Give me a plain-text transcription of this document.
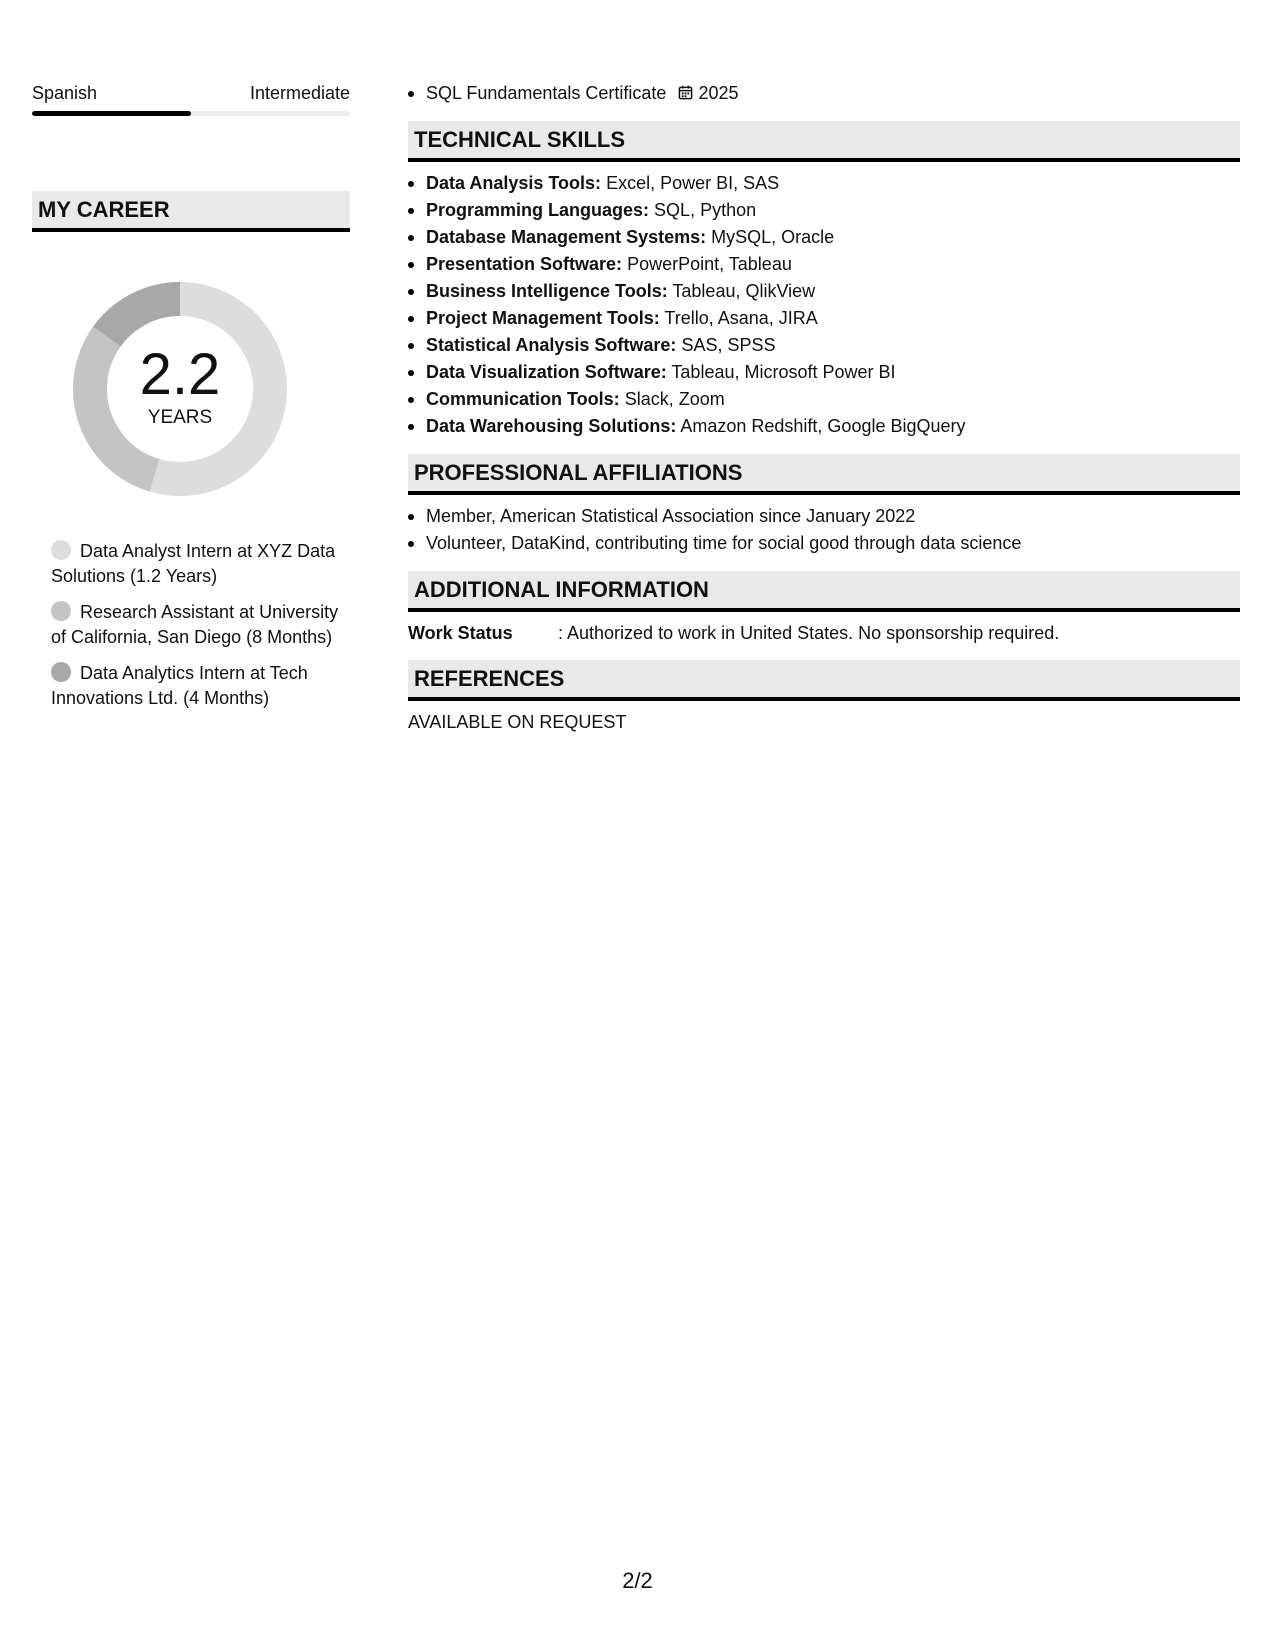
Spanish	Intermediate
MY CAREER
2.2
YEARS
Data Analyst Intern at XYZ Data Solutions (1.2 Years)
Research Assistant at University of California, San Diego (8 Months)
Data Analytics Intern at Tech Innovations Ltd. (4 Months)
SQL Fundamentals Certificate 2025
TECHNICAL SKILLS
Data Analysis Tools: Excel, Power BI, SAS
Programming Languages: SQL, Python
Database Management Systems: MySQL, Oracle
Presentation Software: PowerPoint, Tableau
Business Intelligence Tools: Tableau, QlikView
Project Management Tools: Trello, Asana, JIRA
Statistical Analysis Software: SAS, SPSS
Data Visualization Software: Tableau, Microsoft Power BI
Communication Tools: Slack, Zoom
Data Warehousing Solutions: Amazon Redshift, Google BigQuery
PROFESSIONAL AFFILIATIONS
Member, American Statistical Association since January 2022
Volunteer, DataKind, contributing time for social good through data science
ADDITIONAL INFORMATION
Work Status	: Authorized to work in United States. No sponsorship required.
REFERENCES
AVAILABLE ON REQUEST
2/2
